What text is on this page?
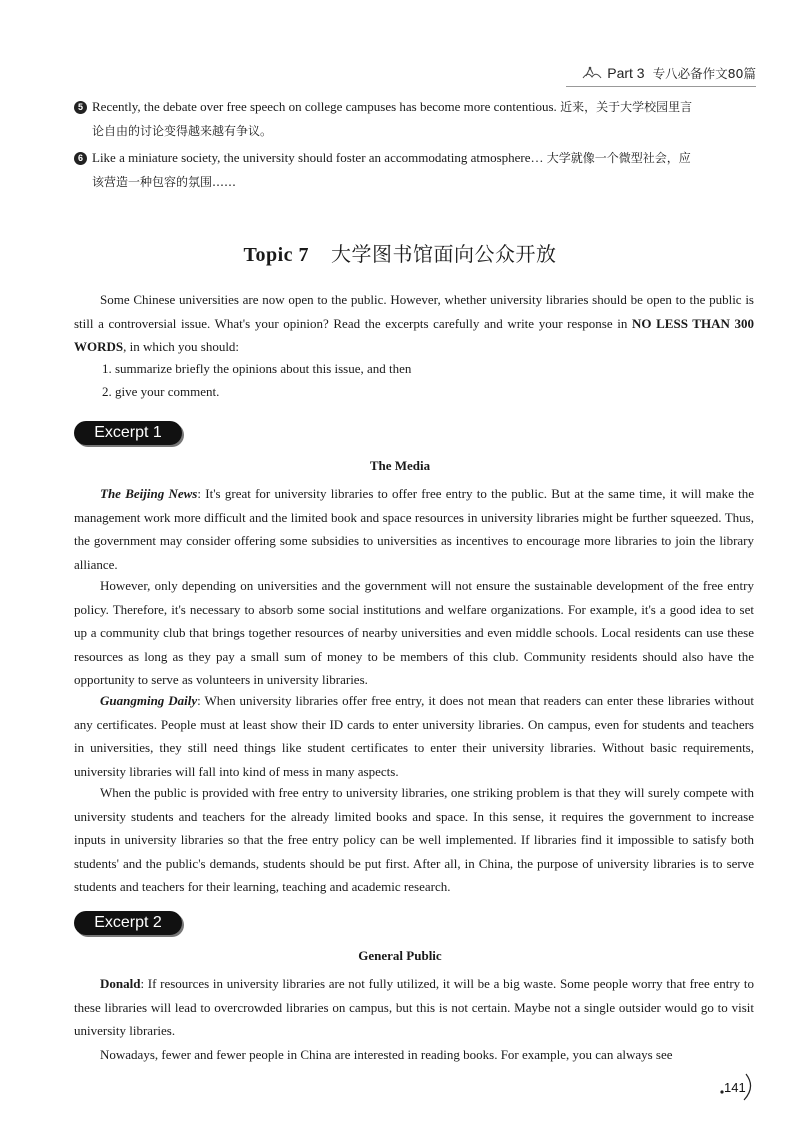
Part 3 专八必备作文80篇
5 Recently, the debate over free speech on college campuses has become more contentious. 近来，关于大学校园里言
论自由的讨论变得越来越有争议。
6 Like a miniature society, the university should foster an accommodating atmosphere… 大学就像一个微型社会，应
该营造一种包容的氛围……
Topic 7 大学图书馆面向公众开放
Some Chinese universities are now open to the public. However, whether university libraries should be open to the public is still a controversial issue. What's your opinion? Read the excerpts carefully and write your response in NO LESS THAN 300 WORDS, in which you should:
1. summarize briefly the opinions about this issue, and then
2. give your comment.
Excerpt 1
The Media
The Beijing News: It's great for university libraries to offer free entry to the public. But at the same time, it will make the management work more difficult and the limited book and space resources in university libraries might be further squeezed. Thus, the government may consider offering some subsidies to universities as incentives to encourage more libraries to join the library alliance.
However, only depending on universities and the government will not ensure the sustainable development of the free entry policy. Therefore, it's necessary to absorb some social institutions and welfare organizations. For example, it's a good idea to set up a community club that brings together resources of nearby universities and even middle schools. Local residents can use these resources as long as they pay a small sum of money to be members of this club. Community residents should also have the opportunity to serve as volunteers in university libraries.
Guangming Daily: When university libraries offer free entry, it does not mean that readers can enter these libraries without any certificates. People must at least show their ID cards to enter university libraries. On campus, even for students and teachers in universities, they still need things like student certificates to enter their university libraries. Without basic requirements, university libraries will fall into kind of mess in many aspects.
When the public is provided with free entry to university libraries, one striking problem is that they will surely compete with university students and teachers for the already limited books and space. In this sense, it requires the government to increase inputs in university libraries so that the free entry policy can be well implemented. If libraries find it impossible to satisfy both students' and the public's demands, students should be put first. After all, in China, the purpose of university libraries is to serve students and teachers for their learning, teaching and academic research.
Excerpt 2
General Public
Donald: If resources in university libraries are not fully utilized, it will be a big waste. Some people worry that free entry to these libraries will lead to overcrowded libraries on campus, but this is not certain. Maybe not a single outsider would go to visit university libraries.
Nowadays, fewer and fewer people in China are interested in reading books. For example, you can always see
141
